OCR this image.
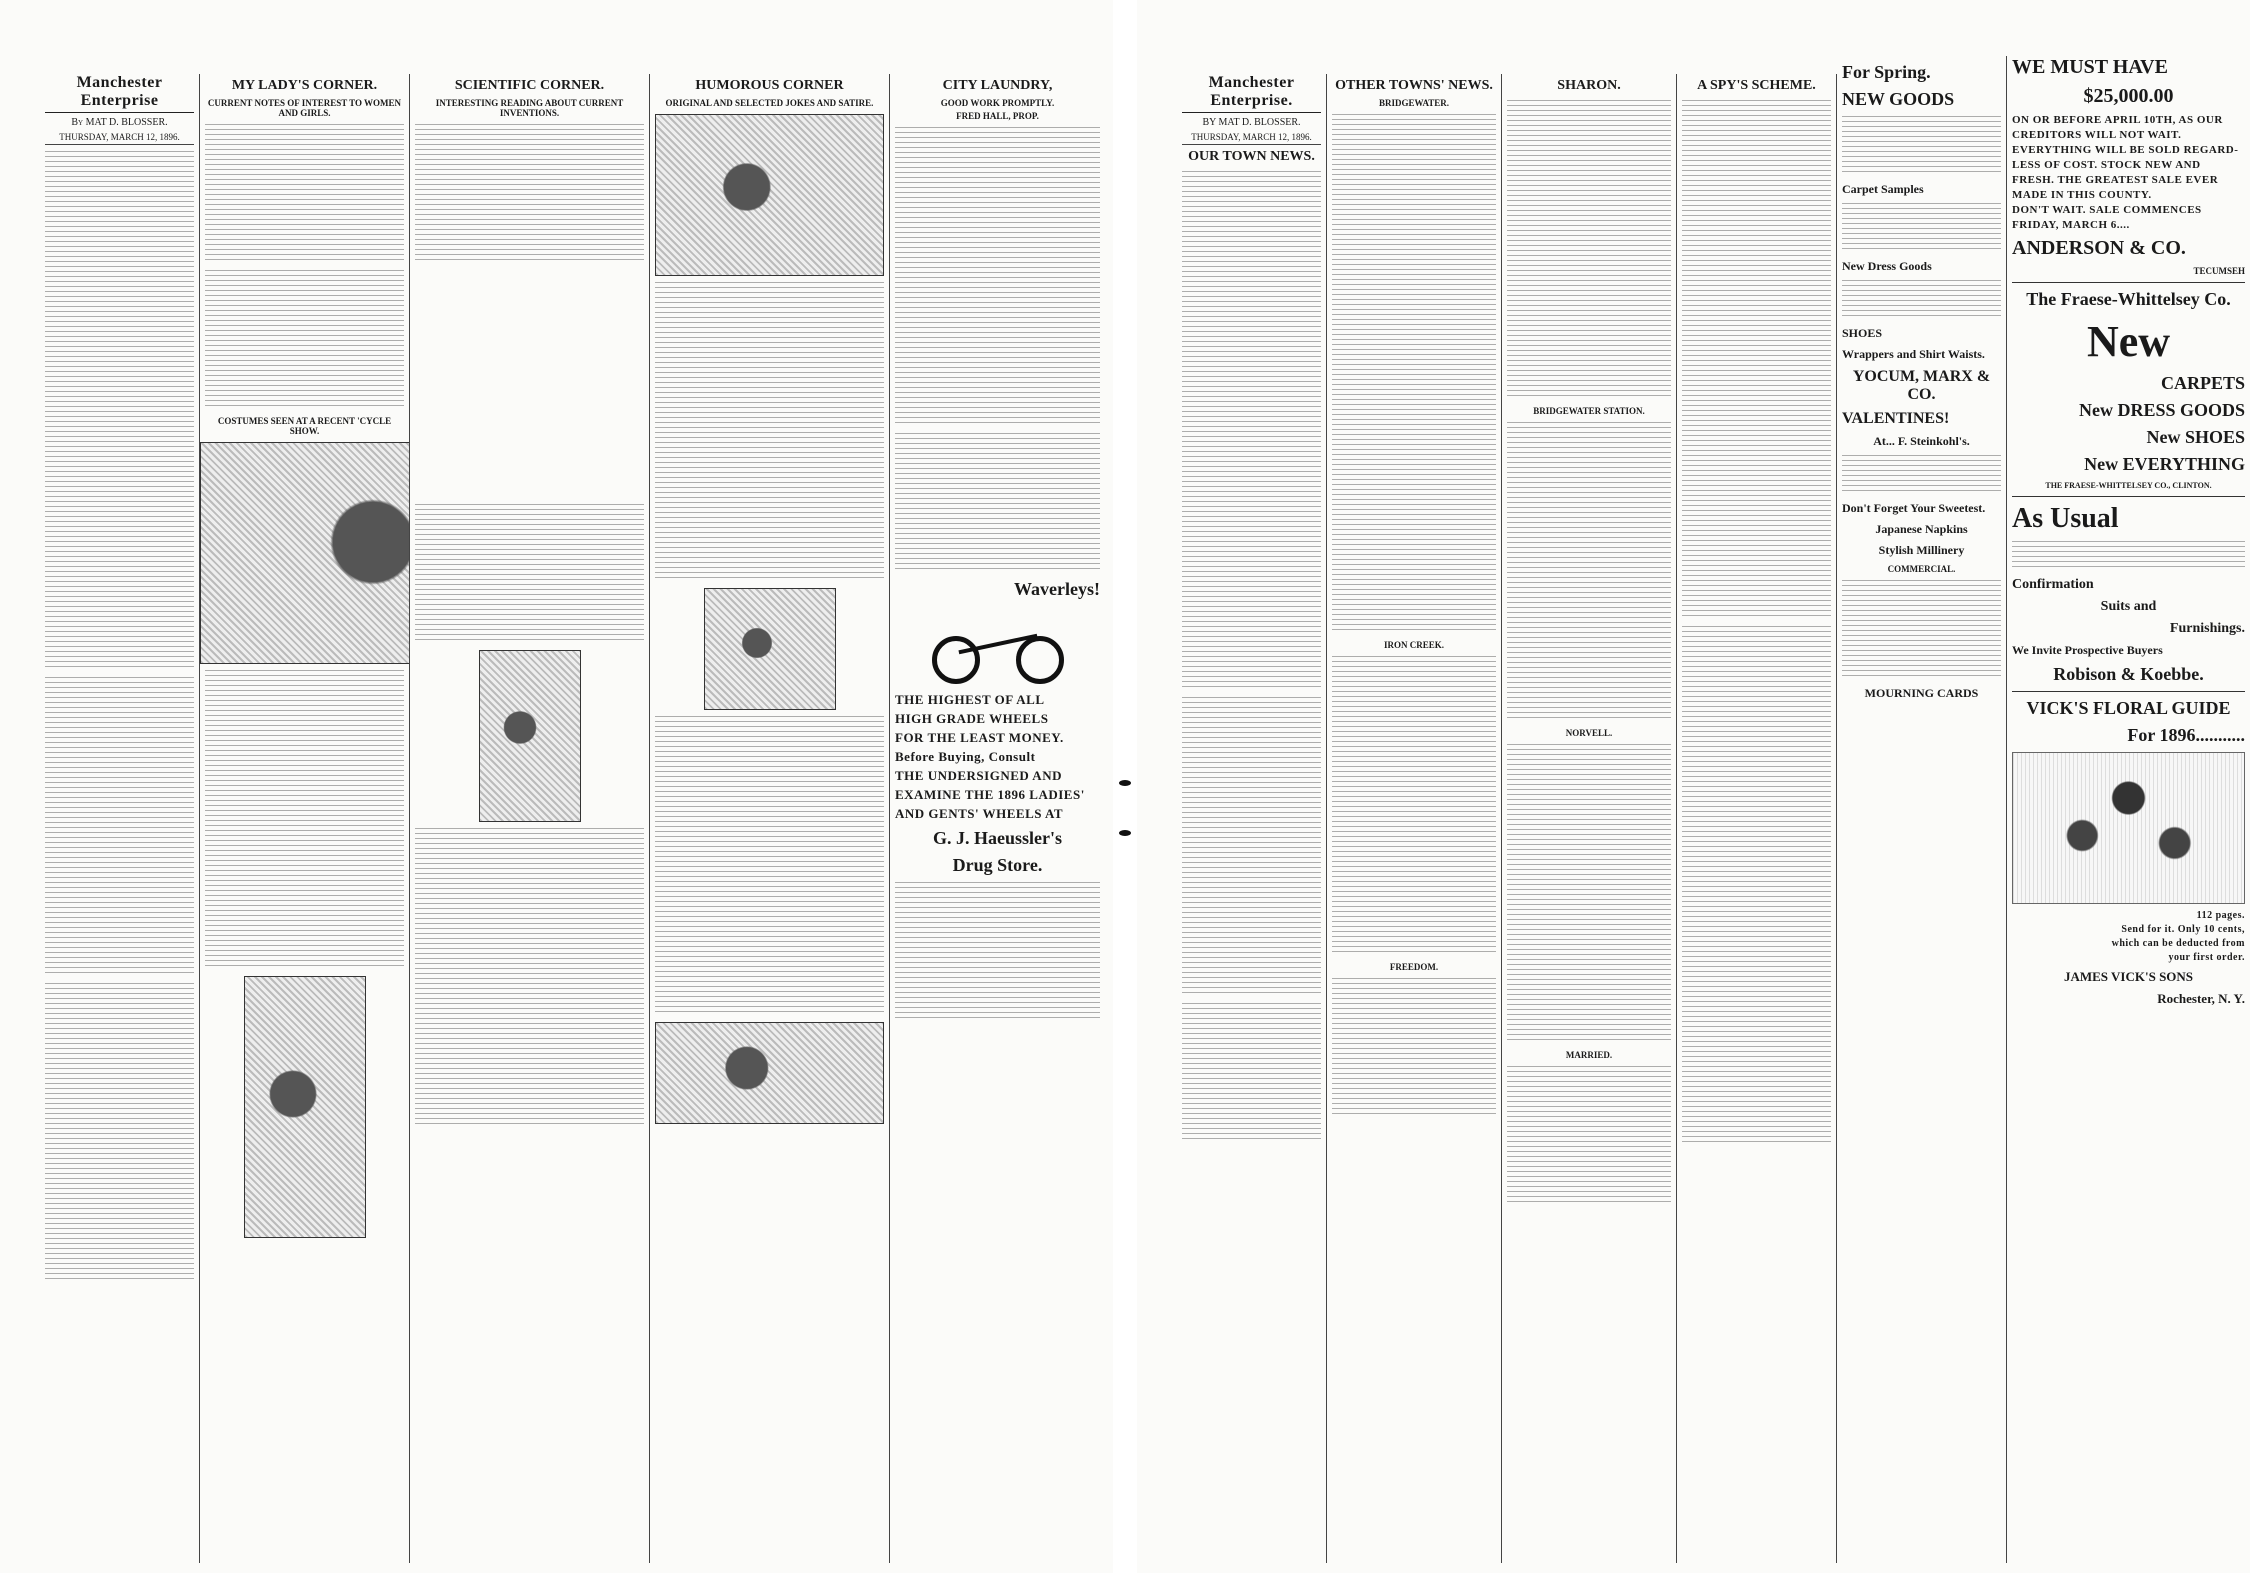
Manchester Enterprise
By MAT D. BLOSSER.
THURSDAY, MARCH 12, 1896.
MY LADY'S CORNER.
CURRENT NOTES OF INTEREST TO WOMEN AND GIRLS.
COSTUMES SEEN AT A RECENT 'CYCLE SHOW.
SCIENTIFIC CORNER.
INTERESTING READING ABOUT CURRENT INVENTIONS.
HUMOROUS CORNER
ORIGINAL AND SELECTED JOKES AND SATIRE.
CITY LAUNDRY,
GOOD WORK PROMPTLY.
FRED HALL, PROP.
Waverleys!
THE HIGHEST OF ALL
HIGH GRADE WHEELS
FOR THE LEAST MONEY.
Before Buying, Consult
THE UNDERSIGNED AND
EXAMINE THE 1896 LADIES'
AND GENTS' WHEELS AT
G. J. Haeussler's
Drug Store.
Manchester Enterprise.
BY MAT D. BLOSSER.
THURSDAY, MARCH 12, 1896.
OUR TOWN NEWS.
OTHER TOWNS' NEWS.
BRIDGEWATER.
IRON CREEK.
FREEDOM.
SHARON.
BRIDGEWATER STATION.
NORVELL.
MARRIED.
A SPY'S SCHEME.
For Spring.
NEW GOODS
Carpet Samples
New Dress Goods
SHOES
Wrappers and Shirt Waists.
YOCUM, MARX & CO.
VALENTINES!
At... F. Steinkohl's.
Don't Forget Your Sweetest.
Japanese Napkins
Stylish Millinery
COMMERCIAL.
MOURNING CARDS
WE MUST HAVE
$25,000.00
ON OR BEFORE APRIL 10TH, AS OUR
CREDITORS WILL NOT WAIT.
EVERYTHING WILL BE SOLD REGARD-
LESS OF COST. STOCK NEW AND
FRESH. THE GREATEST SALE EVER
MADE IN THIS COUNTY.
DON'T WAIT. SALE COMMENCES
FRIDAY, MARCH 6....
ANDERSON & CO.
TECUMSEH
The Fraese-Whittelsey Co.
New
CARPETS
New DRESS GOODS
New SHOES
New EVERYTHING
THE FRAESE-WHITTELSEY CO., CLINTON.
As Usual
Confirmation
Suits and
Furnishings.
We Invite Prospective Buyers
Robison & Koebbe.
VICK'S FLORAL GUIDE
For 1896...........
112 pages.
Send for it. Only 10 cents,
which can be deducted from
your first order.
JAMES VICK'S SONS
Rochester, N. Y.
